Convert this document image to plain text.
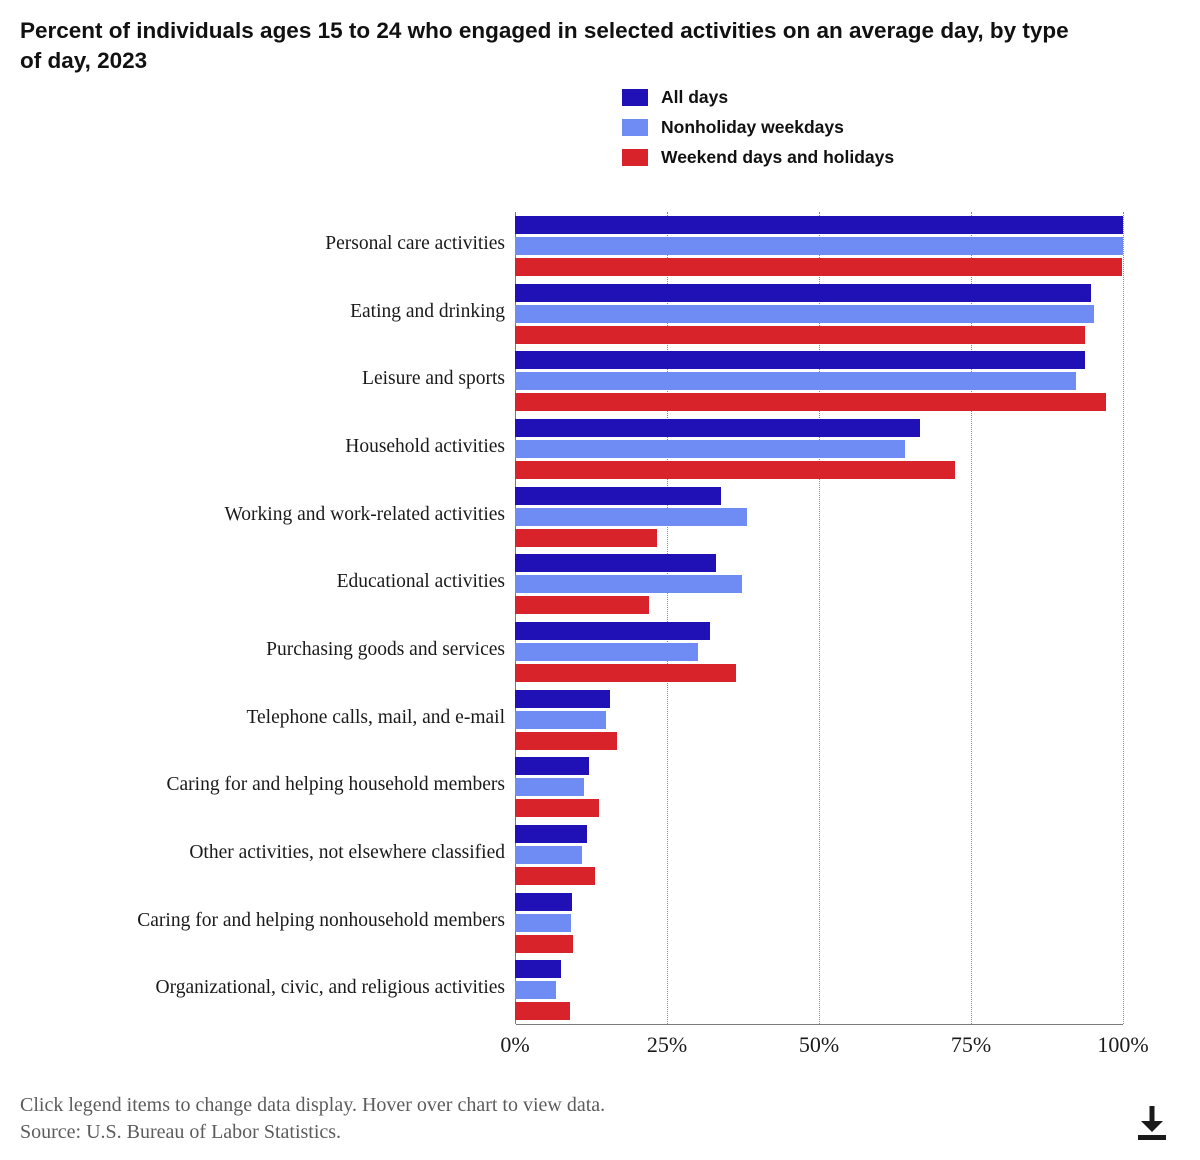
Percent of individuals ages 15 to 24 who engaged in selected activities on an average day, by type of day, 2023
All days
Nonholiday weekdays
Weekend days and holidays
Personal care activities
Eating and drinking
Leisure and sports
Household activities
Working and work-related activities
Educational activities
Purchasing goods and services
Telephone calls, mail, and e-mail
Caring for and helping household members
Other activities, not elsewhere classified
Caring for and helping nonhousehold members
Organizational, civic, and religious activities
0%	25%	50%	75%	100%
Click legend items to change data display. Hover over chart to view data.
Source: U.S. Bureau of Labor Statistics.
